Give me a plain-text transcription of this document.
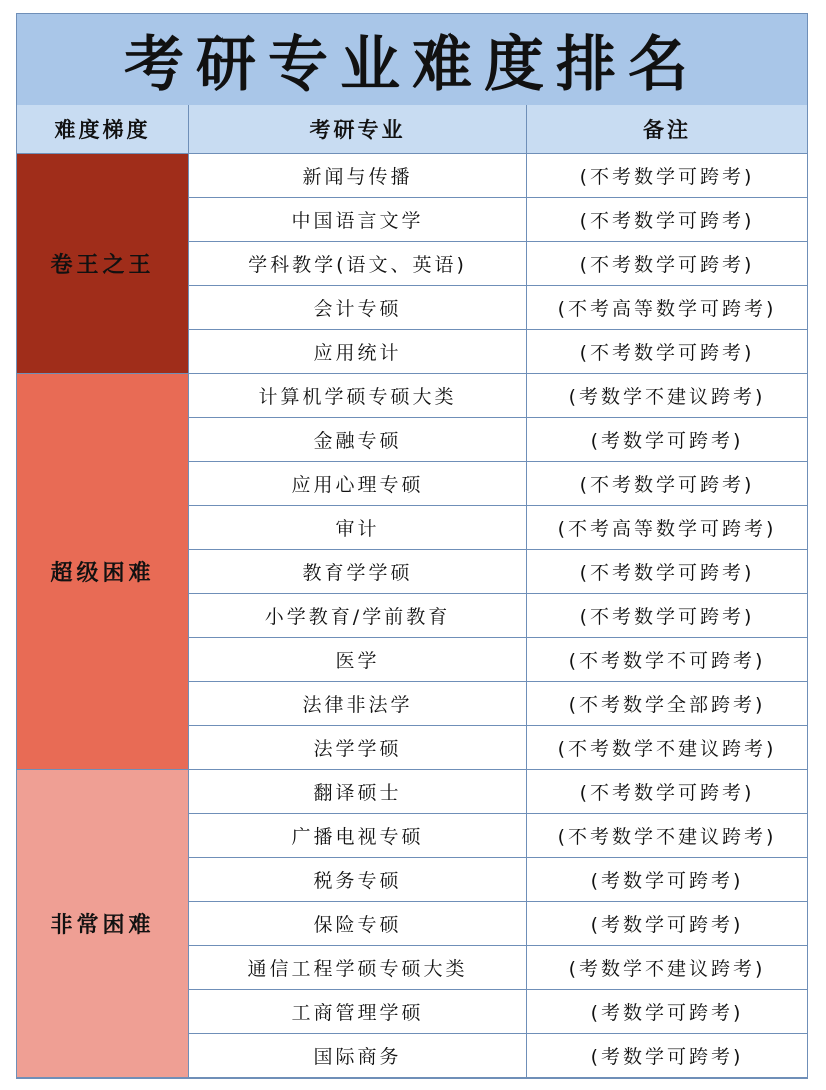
考研专业难度排名
难度梯度	考研专业	备注
卷王之王
新闻与传播	(不考数学可跨考)
中国语言文学	(不考数学可跨考)
学科教学(语文、英语)	(不考数学可跨考)
会计专硕	(不考高等数学可跨考)
应用统计	(不考数学可跨考)
超级困难
计算机学硕专硕大类	(考数学不建议跨考)
金融专硕	(考数学可跨考)
应用心理专硕	(不考数学可跨考)
审计	(不考高等数学可跨考)
教育学学硕	(不考数学可跨考)
小学教育/学前教育	(不考数学可跨考)
医学	(不考数学不可跨考)
法律非法学	(不考数学全部跨考)
法学学硕	(不考数学不建议跨考)
非常困难
翻译硕士	(不考数学可跨考)
广播电视专硕	(不考数学不建议跨考)
税务专硕	(考数学可跨考)
保险专硕	(考数学可跨考)
通信工程学硕专硕大类	(考数学不建议跨考)
工商管理学硕	(考数学可跨考)
国际商务	(考数学可跨考)
